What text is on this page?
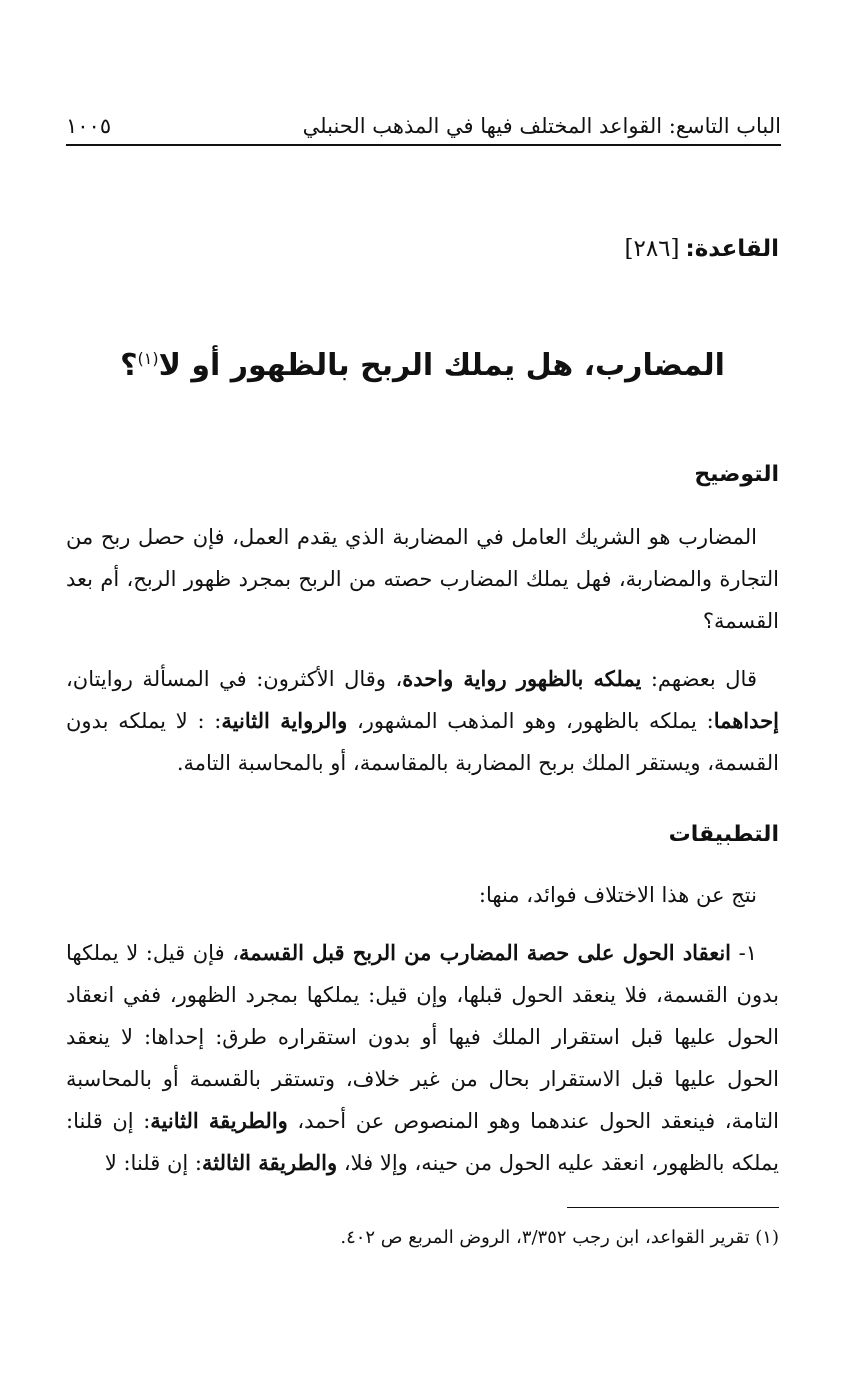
الباب التاسع: القواعد المختلف فيها في المذهب الحنبلي
١٠٠٥
القاعدة:
[٢٨٦]
المضارب، هل يملك الربح بالظهور أو لا$^{(١)}$؟
التوضيح

المضارب هو الشريك العامل في المضاربة الذي يقدم العمل، فإن حصل ربح من التجارة والمضاربة، فهل يملك المضارب حصته من الربح بمجرد ظهور الربح، أم بعد القسمة؟

قال بعضهم: يملكه بالظهور رواية واحدة، وقال الأكثرون: في المسألة روايتان، إحداهما: يملكه بالظهور، وهو المذهب المشهور، والرواية الثانية: : لا يملكه بدون القسمة، ويستقر الملك بربح المضاربة بالمقاسمة، أو بالمحاسبة التامة.

التطبيقات

نتج عن هذا الاختلاف فوائد، منها:

١- انعقاد الحول على حصة المضارب من الربح قبل القسمة، فإن قيل: لا يملكها بدون القسمة، فلا ينعقد الحول قبلها، وإن قيل: يملكها بمجرد الظهور، ففي انعقاد الحول عليها قبل استقرار الملك فيها أو بدون استقراره طرق: إحداها: لا ينعقد الحول عليها قبل الاستقرار بحال من غير خلاف، وتستقر بالقسمة أو بالمحاسبة التامة، فينعقد الحول عندهما وهو المنصوص عن أحمد، والطريقة الثانية: إن قلنا: يملكه بالظهور، انعقد عليه الحول من حينه، وإلا فلا، والطريقة الثالثة: إن قلنا: لا

(١) تقرير القواعد، ابن رجب ٣/٣٥٢، الروض المربع ص ٤٠٢.
